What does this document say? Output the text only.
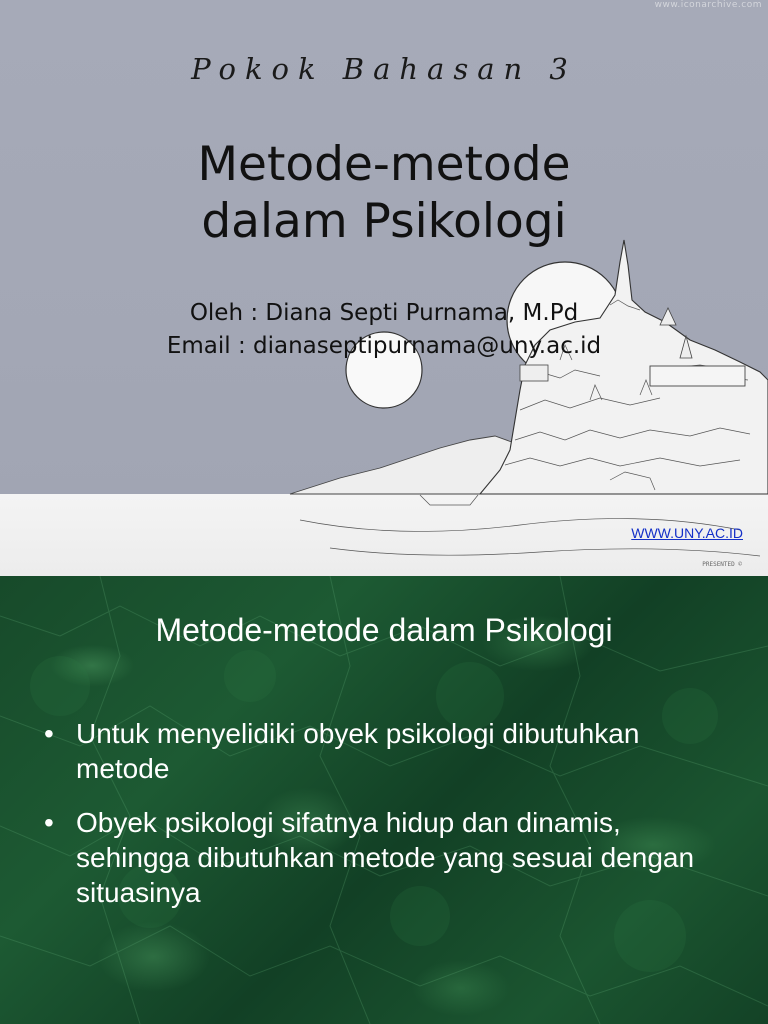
www.iconarchive.com
Pokok Bahasan 3
Metode-metode
dalam Psikologi
Oleh : Diana Septi Purnama, M.Pd
Email : dianaseptipurnama@uny.ac.id
WWW.UNY.AC.ID
PRESENTED ©
Metode-metode dalam Psikologi
• Untuk menyelidiki obyek psikologi dibutuhkan metode
• Obyek psikologi sifatnya hidup dan dinamis, sehingga dibutuhkan metode yang sesuai dengan situasinya
